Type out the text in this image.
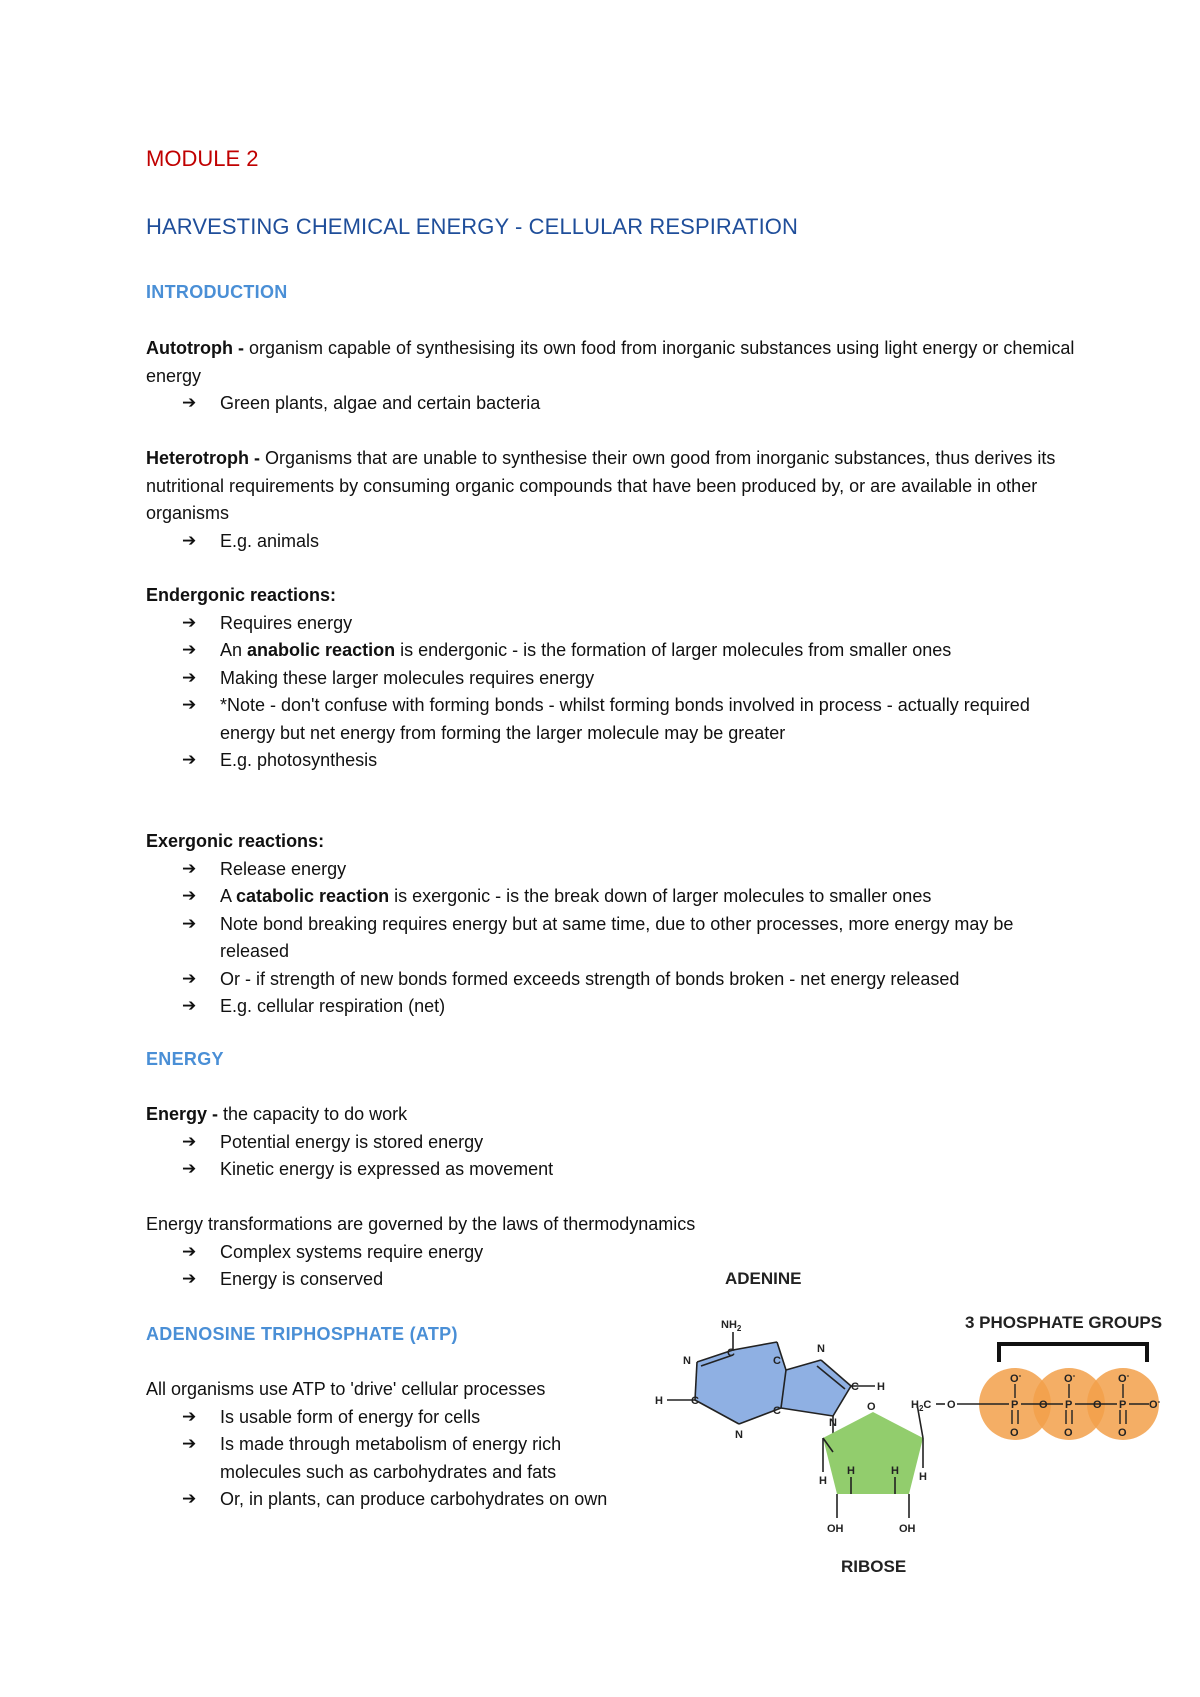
MODULE 2
HARVESTING CHEMICAL ENERGY - CELLULAR RESPIRATION
INTRODUCTION

Autotroph - organism capable of synthesising its own food from inorganic substances using light energy or chemical energy

➔ Green plants, algae and certain bacteria

Heterotroph - Organisms that are unable to synthesise their own good from inorganic substances, thus derives its nutritional requirements by consuming organic compounds that have been produced by, or are available in other organisms

➔ E.g. animals

Endergonic reactions:

➔ Requires energy
➔ An anabolic reaction is endergonic - is the formation of larger molecules from smaller ones
➔ Making these larger molecules requires energy
➔ *Note - don't confuse with forming bonds - whilst forming bonds involved in process - actually required energy but net energy from forming the larger molecule may be greater
➔ E.g. photosynthesis

Exergonic reactions:

➔ Release energy
➔ A catabolic reaction is exergonic - is the break down of larger molecules to smaller ones
➔ Note bond breaking requires energy but at same time, due to other processes, more energy may be released
➔ Or - if strength of new bonds formed exceeds strength of bonds broken - net energy released
➔ E.g. cellular respiration (net)
ENERGY

Energy - the capacity to do work

➔ Potential energy is stored energy
➔ Kinetic energy is expressed as movement

Energy transformations are governed by the laws of thermodynamics

➔ Complex systems require energy
➔ Energy is conserved
ADENOSINE TRIPHOSPHATE (ATP)

All organisms use ATP to 'drive' cellular processes

➔ Is usable form of energy for cells
➔ Is made through metabolism of energy rich molecules such as carbohydrates and fats
➔ Or, in plants, can produce carbohydrates on own
ADENINE
3 PHOSPHATE GROUPS
$NH_2$
N
C
C
N
C H
C
N
H	C
N
O
H
H	H H
OH	OH
$H_2C$ O
O-	O-	O-
P	P	P
O	O	O-
O	O	O
RIBOSE
